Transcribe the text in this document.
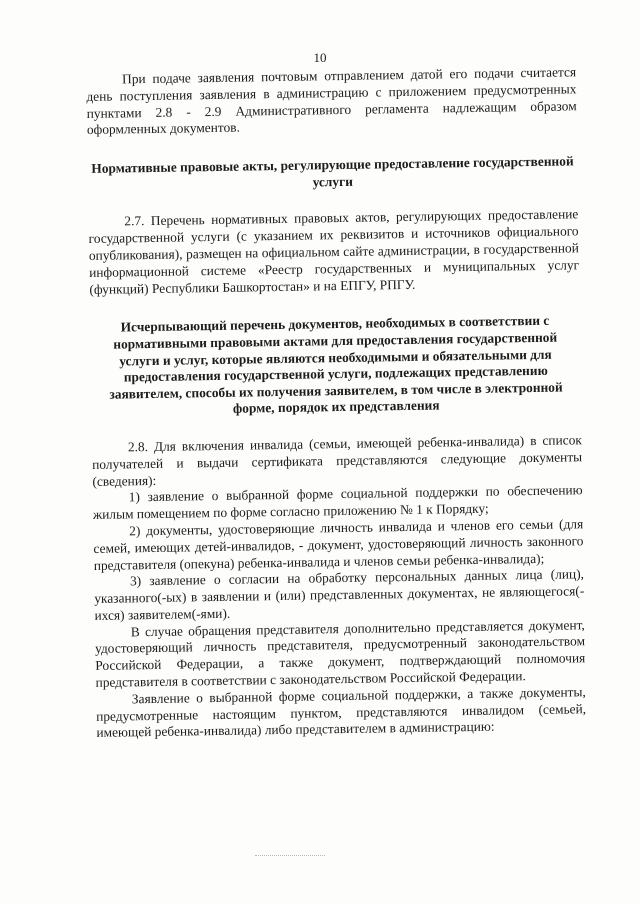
10

При подаче заявления почтовым отправлением датой его подачи считается день поступления заявления в администрацию с приложением предусмотренных пунктами 2.8 - 2.9 Административного регламента надлежащим образом оформленных документов.

Нормативные правовые акты, регулирующие предоставление государственной услуги

2.7. Перечень нормативных правовых актов, регулирующих предоставление государственной услуги (с указанием их реквизитов и источников официального опубликования), размещен на официальном сайте администрации, в государственной информационной системе «Реестр государственных и муниципальных услуг (функций) Республики Башкортостан» и на ЕПГУ, РПГУ.

Исчерпывающий перечень документов, необходимых в соответствии с нормативными правовыми актами для предоставления государственной услуги и услуг, которые являются необходимыми и обязательными для предоставления государственной услуги, подлежащих представлению заявителем, способы их получения заявителем, в том числе в электронной форме, порядок их представления

2.8. Для включения инвалида (семьи, имеющей ребенка-инвалида) в список получателей и выдачи сертификата представляются следующие документы (сведения):

1) заявление о выбранной форме социальной поддержки по обеспечению жилым помещением по форме согласно приложению № 1 к Порядку;

2) документы, удостоверяющие личность инвалида и членов его семьи (для семей, имеющих детей-инвалидов, - документ, удостоверяющий личность законного представителя (опекуна) ребенка-инвалида и членов семьи ребенка-инвалида);

3) заявление о согласии на обработку персональных данных лица (лиц), указанного(-ых) в заявлении и (или) представленных документах, не являющегося(-ихся) заявителем(-ями).

В случае обращения представителя дополнительно представляется документ, удостоверяющий личность представителя, предусмотренный законодательством Российской Федерации, а также документ, подтверждающий полномочия представителя в соответствии с законодательством Российской Федерации.

Заявление о выбранной форме социальной поддержки, а также документы, предусмотренные настоящим пунктом, представляются инвалидом (семьей, имеющей ребенка-инвалида) либо представителем в администрацию:
